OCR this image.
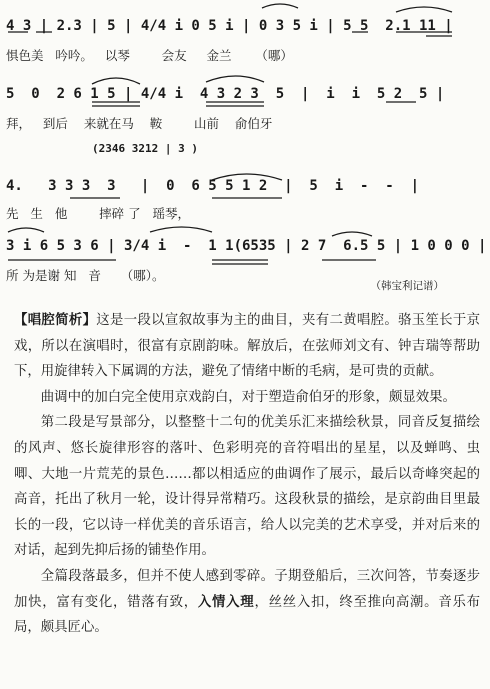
4 3 | 2.3 | 5 | 4/4 i 0 5 i | 0 3 5 i | 5 5  2.1 11 |
惧色美   吟吟。   以琴        会友     金兰      （哪）
5  0  2 6 1 5 | 4/4 i  4 3 2 3  5  |  i  i  5 2  5 |
拜，   到后    来就在马    鞍        山前    俞伯牙
(2346 3212 | 3 )
4.   3 3 3  3   |  0  6 5 5 1 2  |  5  i  -  -  |
先   生   他        摔碎 了   瑶琴，
3 i 6 5 3 6 | 3/4 i  -  1 1(6535 | 2 7  6.5 5 | 1 0 0 0 |
所 为是谢 知   音     （哪）。
（韩宝利记谱）

【唱腔简析】这是一段以宣叙故事为主的曲目，夹有二黄唱腔。骆玉笙长于京戏，所以在演唱时，很富有京剧韵味。解放后，在弦师刘文有、钟吉瑞等帮助下，用旋律转入下属调的方法，避免了情绪中断的毛病，是可贵的贡献。

曲调中的加白完全使用京戏韵白，对于塑造俞伯牙的形象，颇显效果。

第二段是写景部分，以整整十二句的优美乐汇来描绘秋景，同音反复描绘的风声、悠长旋律形容的落叶、色彩明亮的音符唱出的星星，以及蝉鸣、虫唧、大地一片荒芜的景色……都以相适应的曲调作了展示，最后以奇峰突起的高音，托出了秋月一轮，设计得异常精巧。这段秋景的描绘，是京韵曲目里最长的一段，它以诗一样优美的音乐语言，给人以完美的艺术享受，并对后来的对话，起到先抑后扬的铺垫作用。

全篇段落最多，但并不使人感到零碎。子期登船后，三次问答，节奏逐步加快，富有变化，错落有致，入情入理，丝丝入扣，终至推向高潮。音乐布局，颇具匠心。
